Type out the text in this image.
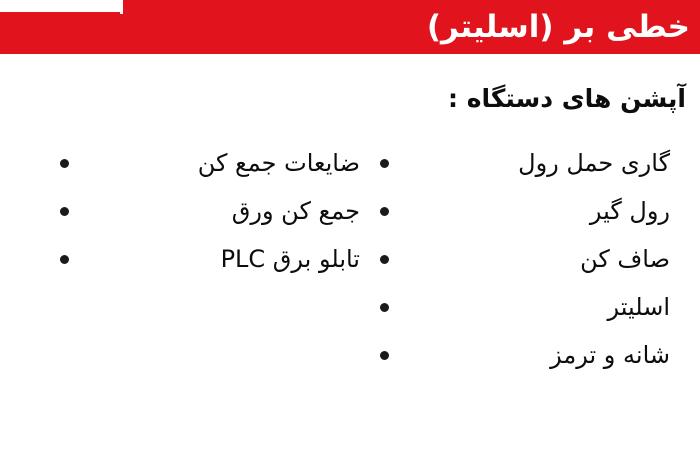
خطی بر (اسلیتر)
آپشن های دستگاه :
گاری حمل رول
رول گیر
صاف کن
اسلیتر
شانه و ترمز
ضایعات جمع کن
جمع کن ورق
تابلو برق PLC
